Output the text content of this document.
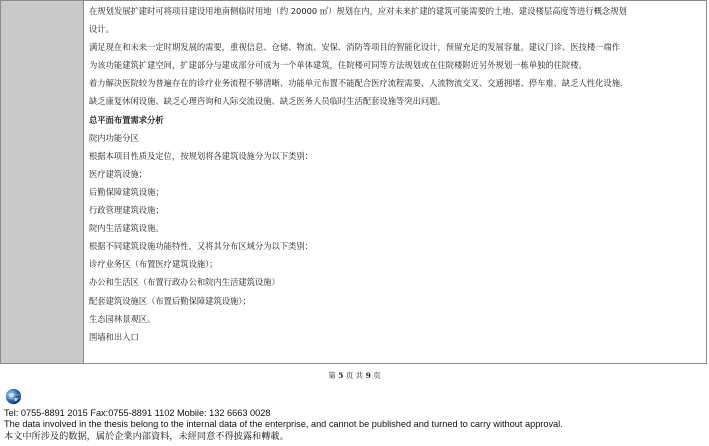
在规划发展扩建时可将项目建设用地南侧临时用地（约 20000 ㎡）规划在内，应对未来扩建的建筑可能需要的土地、建设楼层高度等进行概念规划
设计。
满足现在和未来一定时期发展的需要，重视信息、仓储、物流、安保、消防等项目的智能化设计，预留充足的发展容量。建议门诊、医技楼一端作
为该功能建筑扩建空间，扩建部分与建成部分可成为一个单体建筑，住院楼可同等方法规划或在住院楼附近另外规划一栋单独的住院楼。
着力解决医院较为普遍存在的诊疗业务流程不够清晰、功能单元布置不能配合医疗流程需要、人流物流交叉、交通拥堵、停车难、缺乏人性化设施、
缺乏康复休闲设施、缺乏心理咨询和人际交流设施、缺乏医务人员临时生活配套设施等突出问题。
总平面布置需求分析
院内功能分区
根据本项目性质及定位，按规划将各建筑设施分为以下类别：
医疗建筑设施；
后勤保障建筑设施；
行政管理建筑设施；
院内生活建筑设施。
根据不同建筑设施功能特性，又将其分布区域分为以下类别：
诊疗业务区（布置医疗建筑设施）；
办公和生活区（布置行政办公和院内生活建筑设施）
配套建筑设施区（布置后勤保障建筑设施）；
生态园林景观区。
围墙和出入口
第 5 页 共 9 页
Tel: 0755-8891 2015 Fax:0755-8891 1102 Mobile: 132 6663 0028
The data involved in the thesis belong to the internal data of the enterprise, and cannot be published and turned to carry without approval.
本文中所涉及的数据，属於企業内部資料，未經同意不得披露和轉載。
